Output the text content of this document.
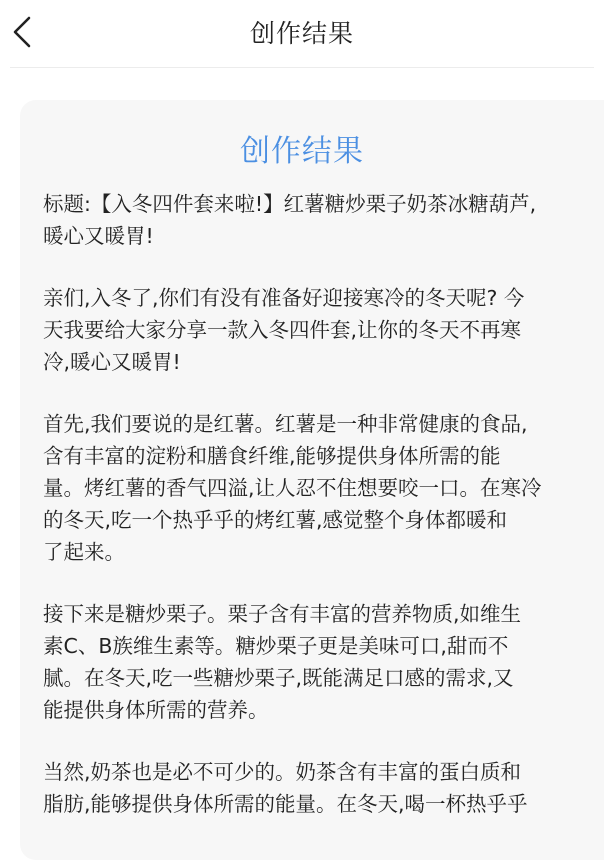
创作结果
创作结果

标题:【入冬四件套来啦!】红薯糖炒栗子奶茶冰糖葫芦,
暖心又暖胃!

亲们,入冬了,你们有没有准备好迎接寒冷的冬天呢? 今
天我要给大家分享一款入冬四件套,让你的冬天不再寒
冷,暖心又暖胃!

首先,我们要说的是红薯。红薯是一种非常健康的食品,
含有丰富的淀粉和膳食纤维,能够提供身体所需的能
量。烤红薯的香气四溢,让人忍不住想要咬一口。在寒冷
的冬天,吃一个热乎乎的烤红薯,感觉整个身体都暖和
了起来。

接下来是糖炒栗子。栗子含有丰富的营养物质,如维生
素C、B族维生素等。糖炒栗子更是美味可口,甜而不
腻。在冬天,吃一些糖炒栗子,既能满足口感的需求,又
能提供身体所需的营养。

当然,奶茶也是必不可少的。奶茶含有丰富的蛋白质和
脂肪,能够提供身体所需的能量。在冬天,喝一杯热乎乎
